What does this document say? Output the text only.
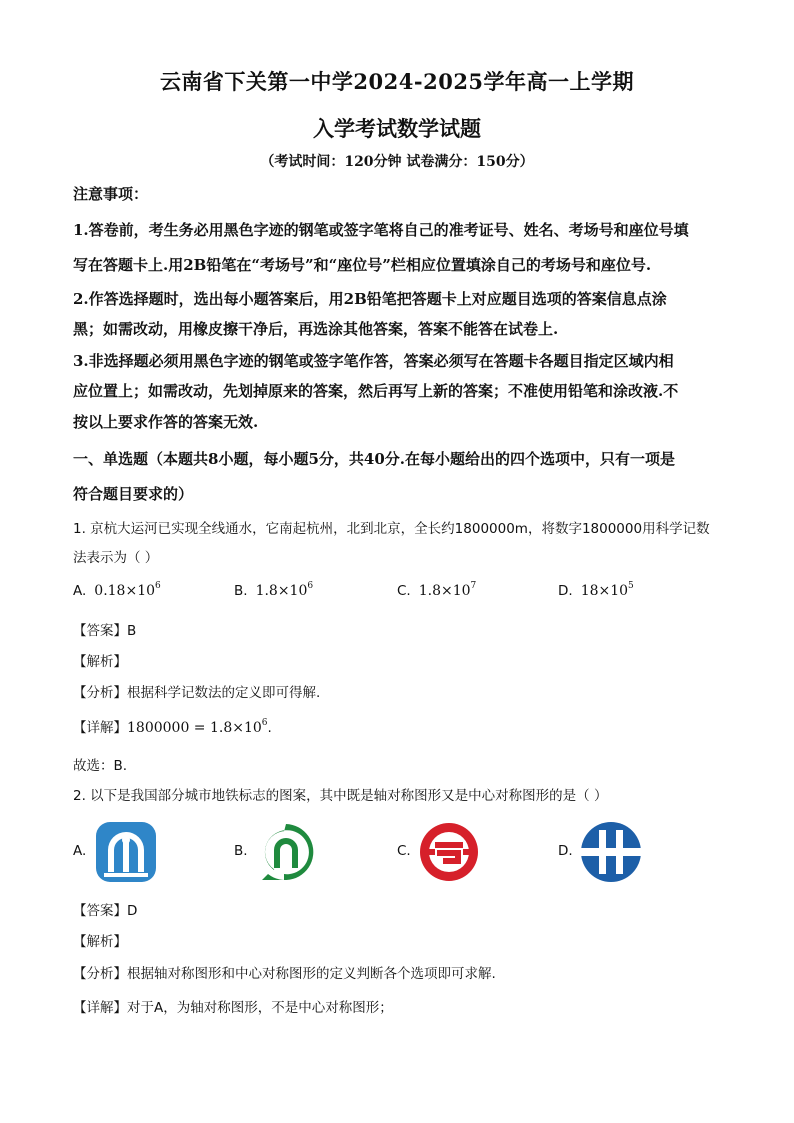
云南省下关第一中学2024-2025学年高一上学期
入学考试数学试题
（考试时间：120分钟 试卷满分：150分）
注意事项：
1.答卷前，考生务必用黑色字迹的钢笔或签字笔将自己的准考证号、姓名、考场号和座位号填
写在答题卡上.用2B铅笔在“考场号”和“座位号”栏相应位置填涂自己的考场号和座位号.
2.作答选择题时，选出每小题答案后，用2B铅笔把答题卡上对应题目选项的答案信息点涂
黑；如需改动，用橡皮擦干净后，再选涂其他答案，答案不能答在试卷上.
3.非选择题必须用黑色字迹的钢笔或签字笔作答，答案必须写在答题卡各题目指定区域内相
应位置上；如需改动，先划掉原来的答案，然后再写上新的答案；不准使用铅笔和涂改液.不
按以上要求作答的答案无效.
一、单选题（本题共8小题，每小题5分，共40分.在每小题给出的四个选项中，只有一项是
符合题目要求的）
1. 京杭大运河已实现全线通水，它南起杭州，北到北京，全长约1800000m，将数字1800000用科学记数
法表示为（ ）
A. $0.18\times 10^6$	B. $1.8\times 10^6$	C. $1.8\times 10^7$	D. $18\times 10^5$
【答案】B
【解析】
【分析】根据科学记数法的定义即可得解.
【详解】$1800000 = 1.8\times 10^6$.
故选：B.
2. 以下是我国部分城市地铁标志的图案，其中既是轴对称图形又是中心对称图形的是（ ）
A.	B.	C.	D.
【答案】D
【解析】
【分析】根据轴对称图形和中心对称图形的定义判断各个选项即可求解.
【详解】对于A，为轴对称图形，不是中心对称图形；
